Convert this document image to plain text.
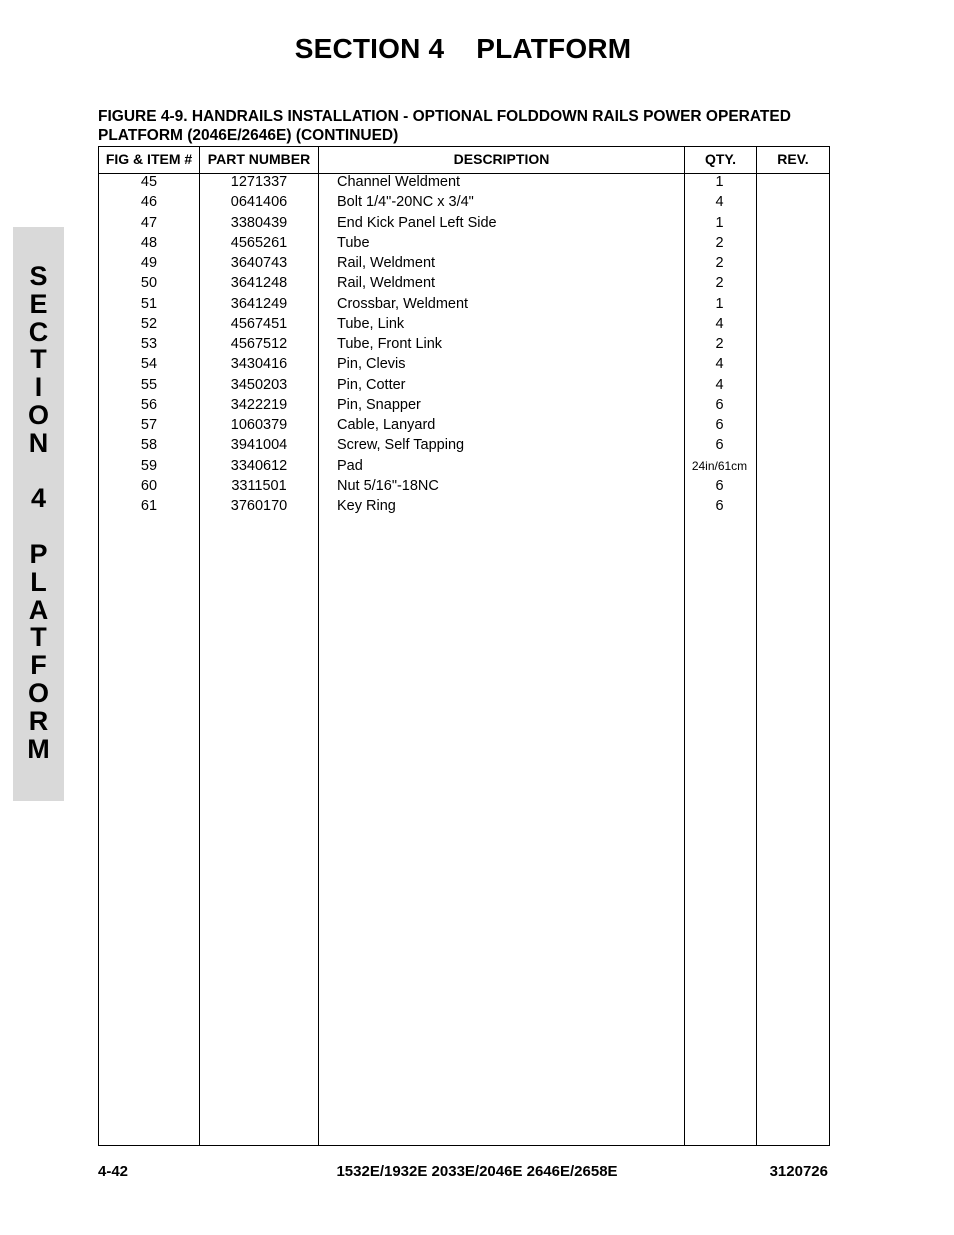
SECTION 4    PLATFORM
S
E
C
T
I
O
N
4
P
L
A
T
F
O
R
M
FIGURE 4-9. HANDRAILS INSTALLATION - OPTIONAL FOLDDOWN RAILS POWER OPERATED PLATFORM (2046E/2646E) (CONTINUED)
FIG & ITEM #	PART NUMBER	DESCRIPTION	QTY.	REV.
45	1271337	Channel Weldment	1
46	0641406	Bolt 1/4"-20NC x 3/4"	4
47	3380439	End Kick Panel Left Side	1
48	4565261	Tube	2
49	3640743	Rail, Weldment	2
50	3641248	Rail, Weldment	2
51	3641249	Crossbar, Weldment	1
52	4567451	Tube, Link	4
53	4567512	Tube, Front Link	2
54	3430416	Pin, Clevis	4
55	3450203	Pin, Cotter	4
56	3422219	Pin, Snapper	6
57	1060379	Cable, Lanyard	6
58	3941004	Screw, Self Tapping	6
59	3340612	Pad	24in/61cm
60	3311501	Nut 5/16"-18NC	6
61	3760170	Key Ring	6
4-42	1532E/1932E 2033E/2046E 2646E/2658E	3120726
